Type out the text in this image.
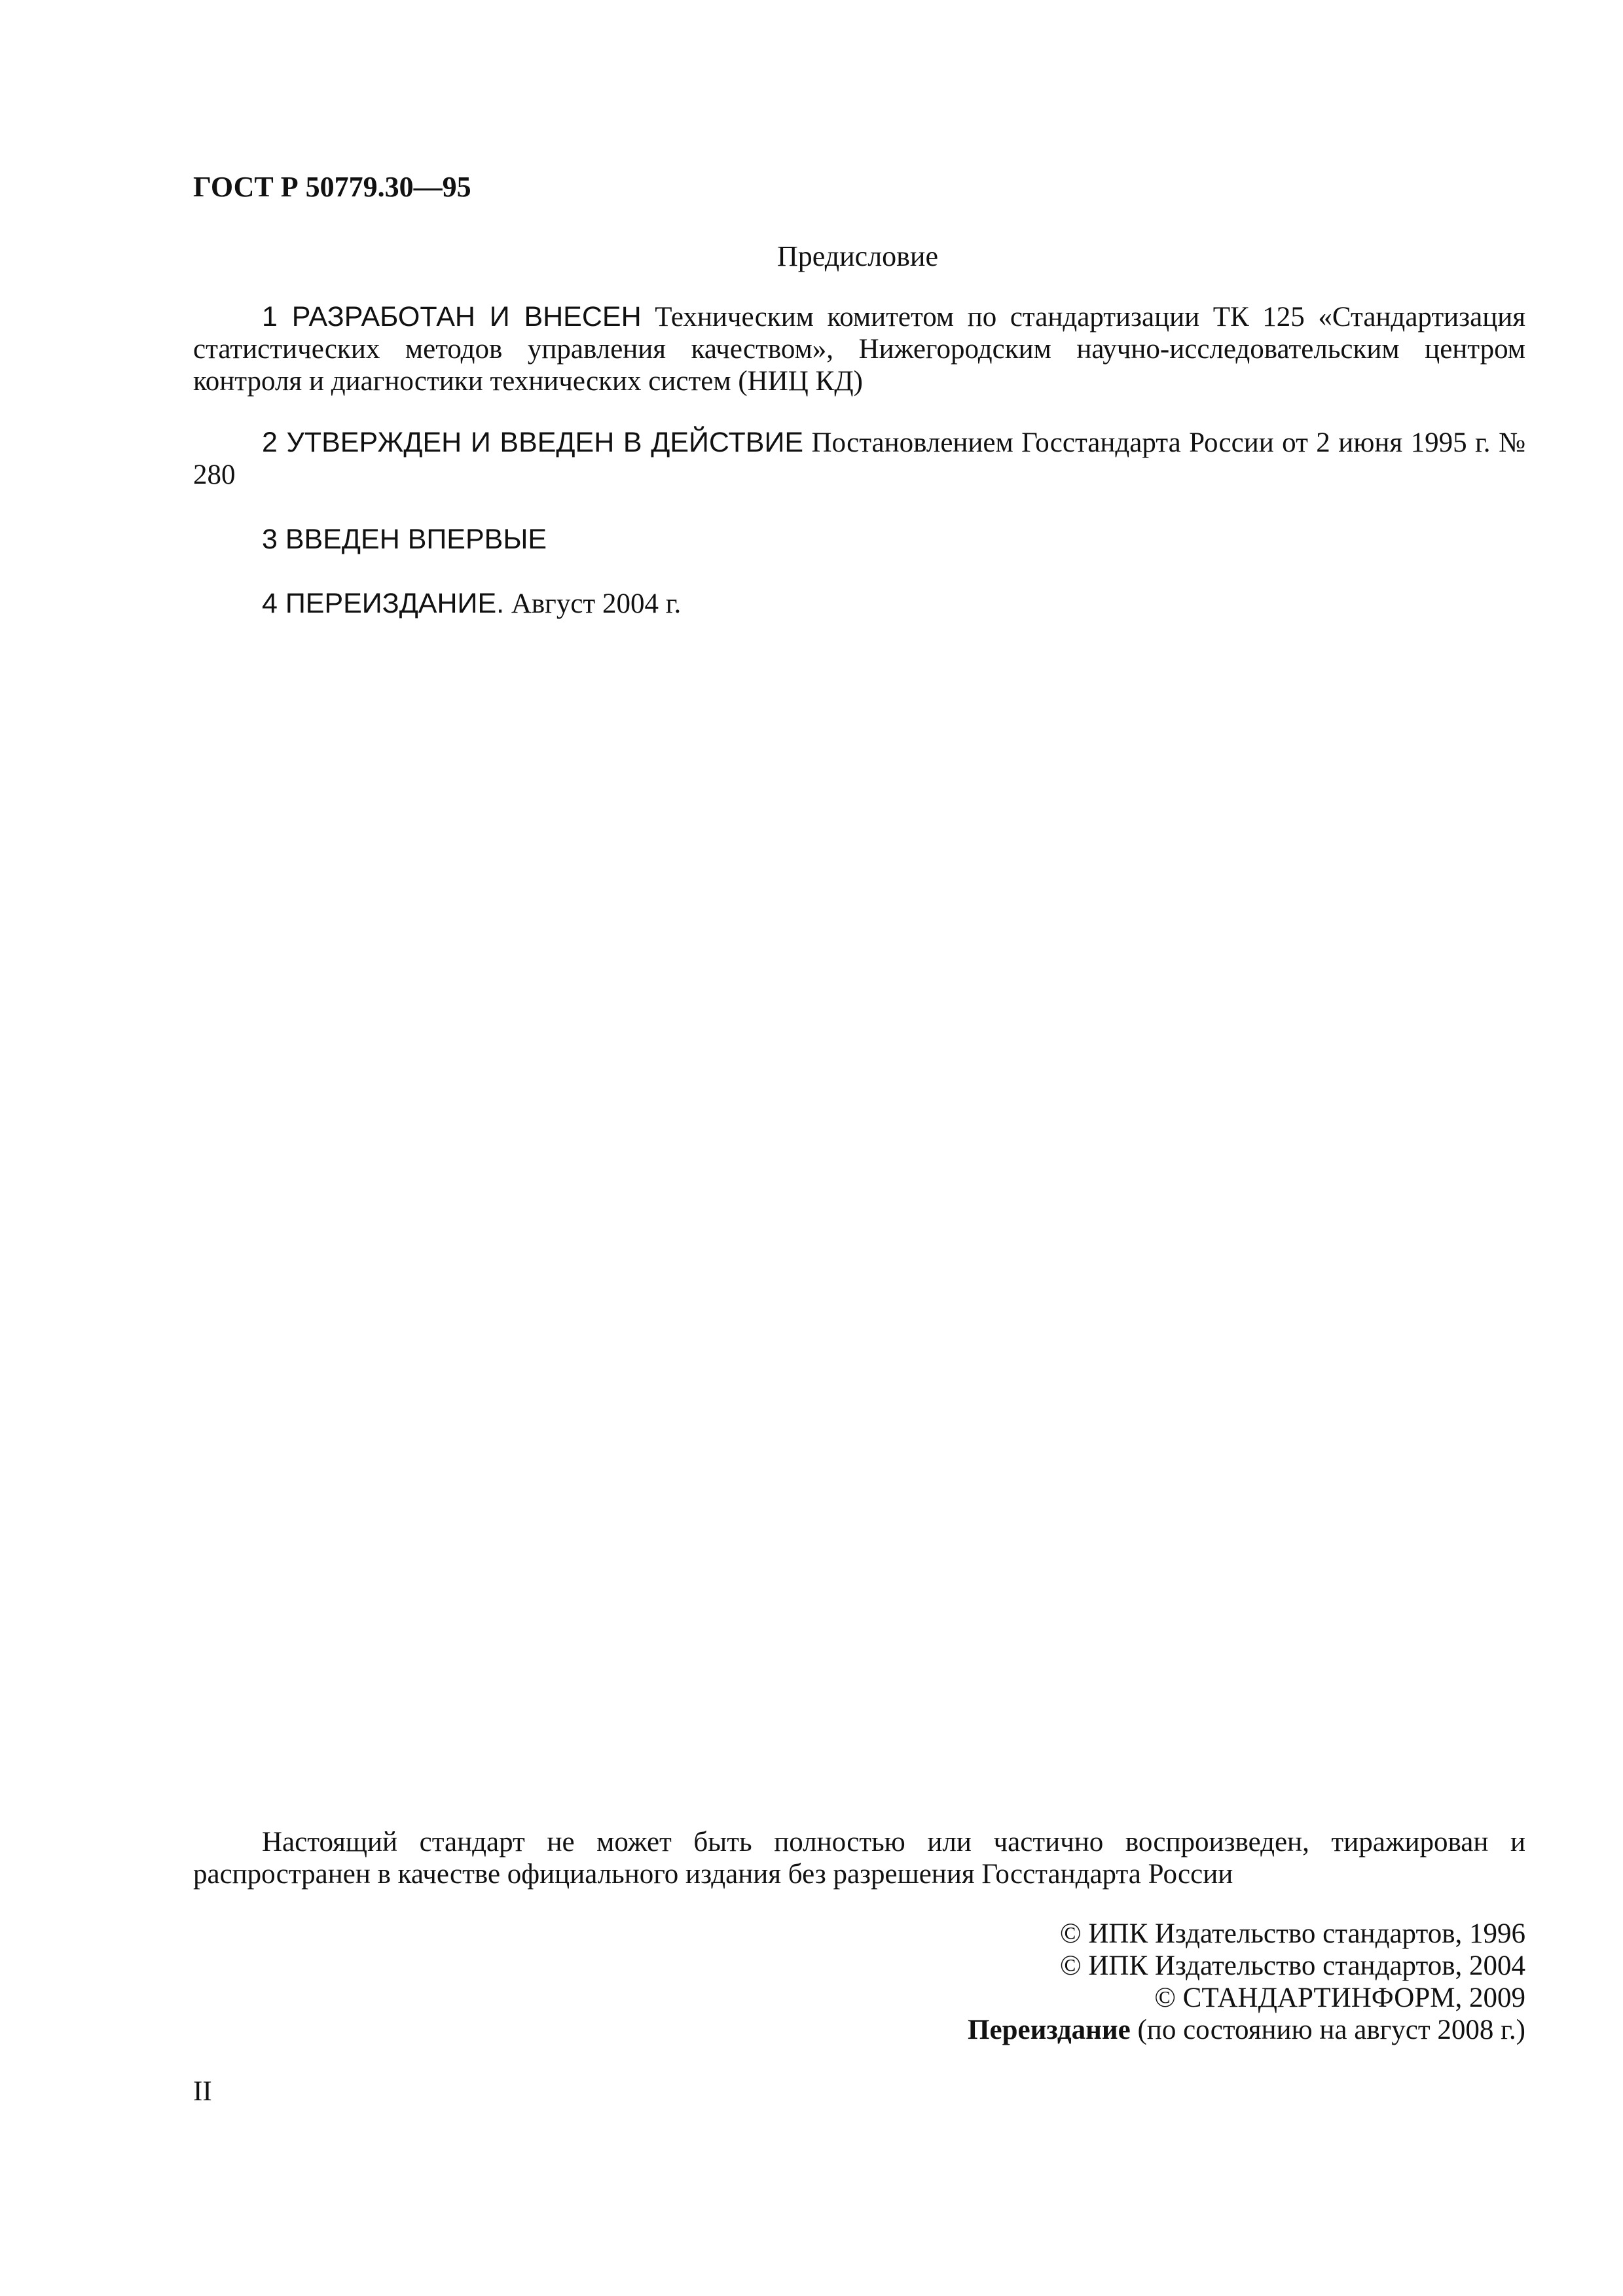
ГОСТ Р 50779.30—95
Предисловие

1 РАЗРАБОТАН И ВНЕСЕН Техническим комитетом по стандартизации ТК 125 «Стандартизация статистических методов управления качеством», Нижегородским научно-исследовательским центром контроля и диагностики технических систем (НИЦ КД)

2 УТВЕРЖДЕН И ВВЕДЕН В ДЕЙСТВИЕ Постановлением Госстандарта России от 2 июня 1995 г. № 280

3 ВВЕДЕН ВПЕРВЫЕ

4 ПЕРЕИЗДАНИЕ. Август 2004 г.

Настоящий стандарт не может быть полностью или частично воспроизведен, тиражирован и распространен в качестве официального издания без разрешения Госстандарта России

© ИПК Издательство стандартов, 1996
© ИПК Издательство стандартов, 2004
© СТАНДАРТИНФОРМ, 2009
Переиздание (по состоянию на август 2008 г.)
II
